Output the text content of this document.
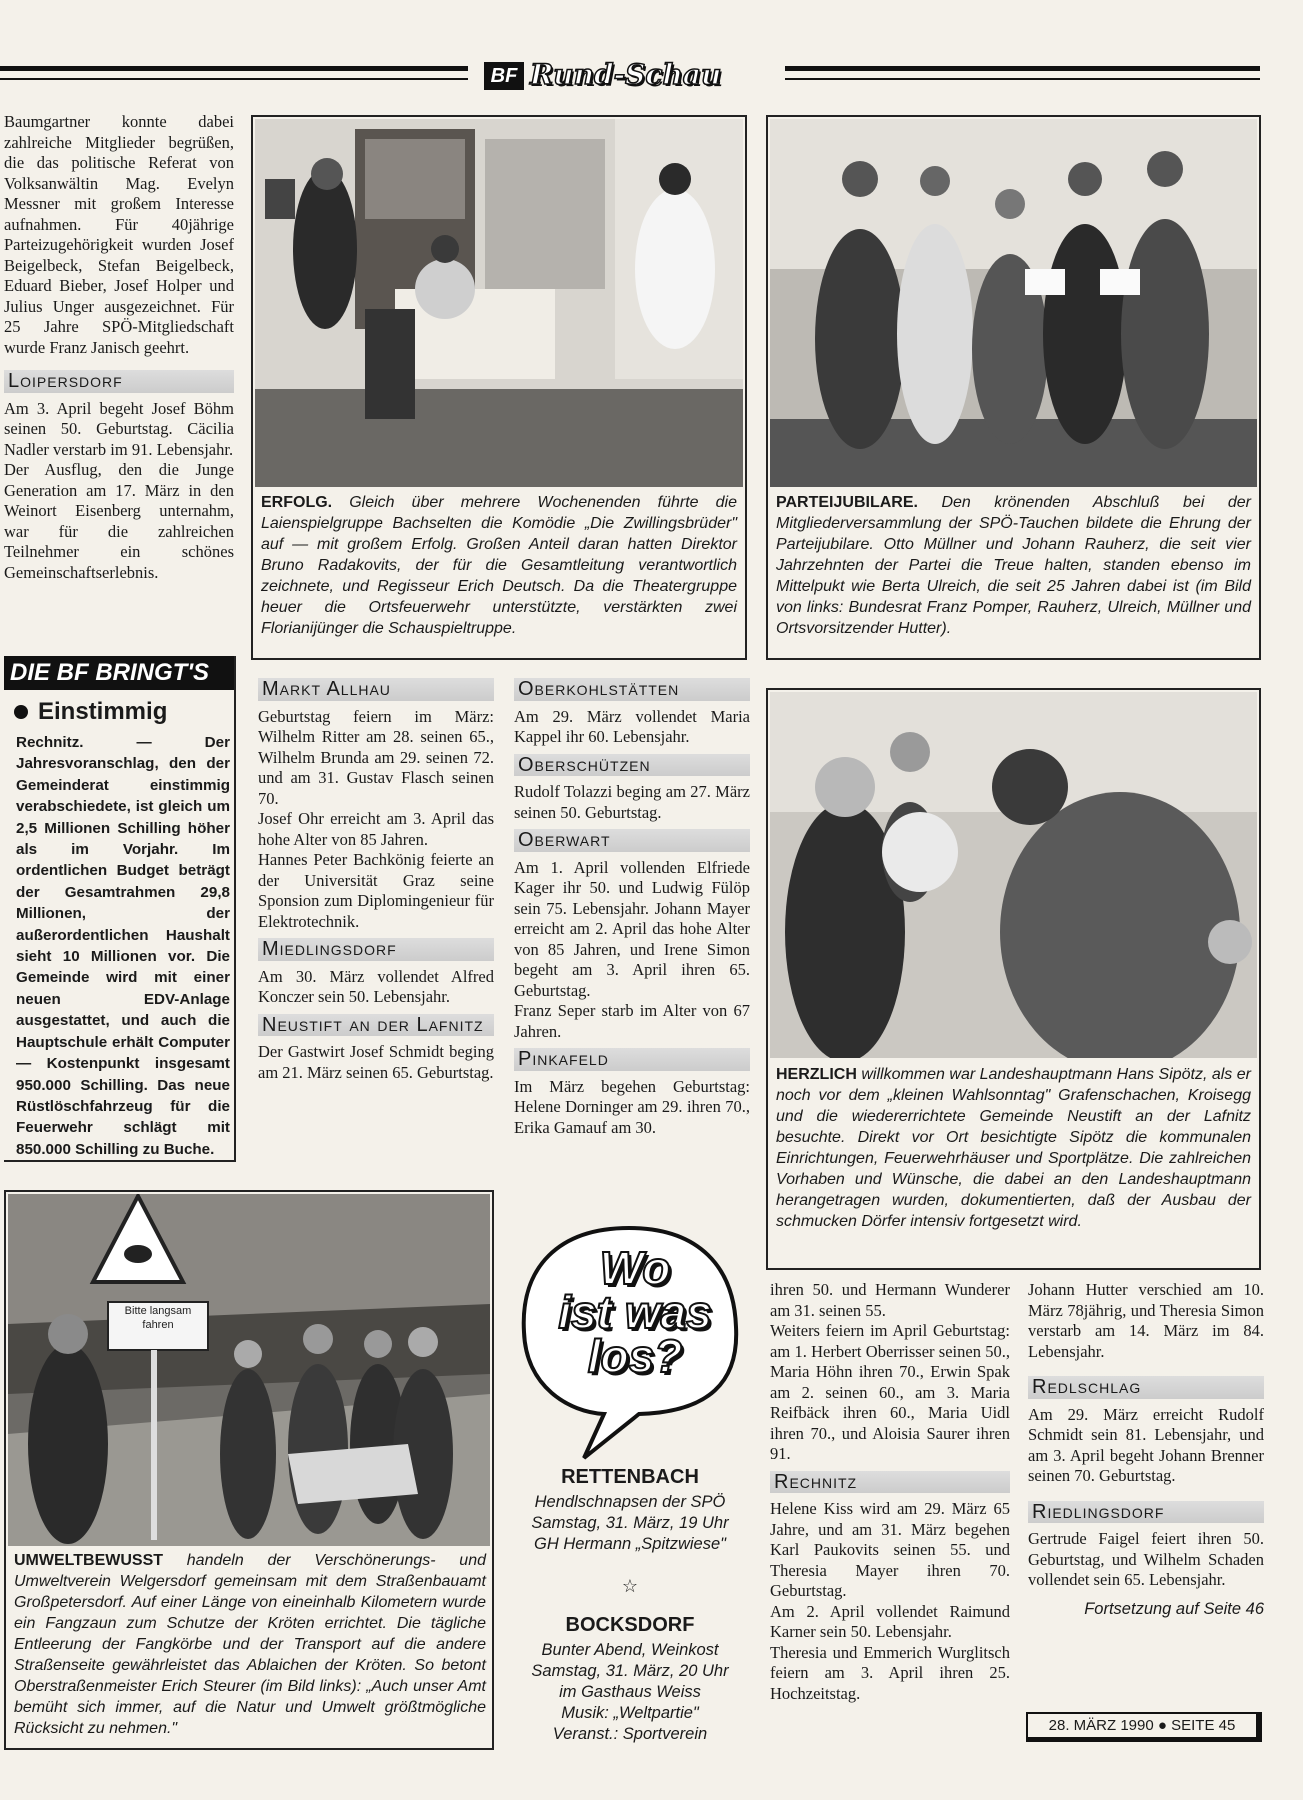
BF Rund-Schau

Baumgartner konnte dabei zahlreiche Mitglieder begrüßen, die das politische Referat von Volksanwältin Mag. Evelyn Messner mit großem Interesse aufnahmen. Für 40jährige Parteizugehörigkeit wurden Josef Beigelbeck, Stefan Beigelbeck, Eduard Bieber, Josef Holper und Julius Unger ausgezeichnet. Für 25 Jahre SPÖ-Mitgliedschaft wurde Franz Janisch geehrt.

Loipersdorf

Am 3. April begeht Josef Böhm seinen 50. Geburtstag. Cäcilia Nadler verstarb im 91. Lebensjahr.

Der Ausflug, den die Junge Generation am 17. März in den Weinort Eisenberg unternahm, war für die zahlreichen Teilnehmer ein schönes Gemeinschaftserlebnis.

DIE BF BRINGT'S
Einstimmig

Rechnitz. — Der Jahresvoranschlag, den der Gemeinderat einstimmig verabschiedete, ist gleich um 2,5 Millionen Schilling höher als im Vorjahr. Im ordentlichen Budget beträgt der Gesamtrahmen 29,8 Millionen, der außerordentlichen Haushalt sieht 10 Millionen vor. Die Gemeinde wird mit einer neuen EDV-Anlage ausgestattet, und auch die Hauptschule erhält Computer — Kostenpunkt insgesamt 950.000 Schilling. Das neue Rüstlöschfahrzeug für die Feuerwehr schlägt mit 850.000 Schilling zu Buche.

ERFOLG. Gleich über mehrere Wochenenden führte die Laienspielgruppe Bachselten die Komödie „Die Zwillingsbrüder" auf — mit großem Erfolg. Großen Anteil daran hatten Direktor Bruno Radakovits, der für die Gesamtleitung verantwortlich zeichnete, und Regisseur Erich Deutsch. Da die Theatergruppe heuer die Ortsfeuerwehr unterstützte, verstärkten zwei Florianijünger die Schauspieltruppe.

PARTEIJUBILARE. Den krönenden Abschluß bei der Mitgliederversammlung der SPÖ-Tauchen bildete die Ehrung der Parteijubilare. Otto Müllner und Johann Rauherz, die seit vier Jahrzehnten der Partei die Treue halten, standen ebenso im Mittelpukt wie Berta Ulreich, die seit 25 Jahren dabei ist (im Bild von links: Bundesrat Franz Pomper, Rauherz, Ulreich, Müllner und Ortsvorsitzender Hutter).

Markt Allhau

Geburtstag feiern im März: Wilhelm Ritter am 28. seinen 65., Wilhelm Brunda am 29. seinen 72. und am 31. Gustav Flasch seinen 70.

Josef Ohr erreicht am 3. April das hohe Alter von 85 Jahren.

Hannes Peter Bachkönig feierte an der Universität Graz seine Sponsion zum Diplomingenieur für Elektrotechnik.

Miedlingsdorf

Am 30. März vollendet Alfred Konczer sein 50. Lebensjahr.

Neustift an der Lafnitz

Der Gastwirt Josef Schmidt beging am 21. März seinen 65. Geburtstag.

Oberkohlstätten

Am 29. März vollendet Maria Kappel ihr 60. Lebensjahr.

Oberschützen

Rudolf Tolazzi beging am 27. März seinen 50. Geburtstag.

Oberwart

Am 1. April vollenden Elfriede Kager ihr 50. und Ludwig Fülöp sein 75. Lebensjahr. Johann Mayer erreicht am 2. April das hohe Alter von 85 Jahren, und Irene Simon begeht am 3. April ihren 65. Geburtstag.

Franz Seper starb im Alter von 67 Jahren.

Pinkafeld

Im März begehen Geburtstag: Helene Dorninger am 29. ihren 70., Erika Gamauf am 30.

HERZLICH willkommen war Landeshauptmann Hans Sipötz, als er noch vor dem „kleinen Wahlsonntag" Grafenschachen, Kroisegg und die wiedererrichtete Gemeinde Neustift an der Lafnitz besuchte. Direkt vor Ort besichtigte Sipötz die kommunalen Einrichtungen, Feuerwehrhäuser und Sportplätze. Die zahlreichen Vorhaben und Wünsche, die dabei an den Landeshauptmann herangetragen wurden, dokumentierten, daß der Ausbau der schmucken Dörfer intensiv fortgesetzt wird.

Bitte langsam
fahren

UMWELTBEWUSST handeln der Verschönerungs- und Umweltverein Welgersdorf gemeinsam mit dem Straßenbauamt Großpetersdorf. Auf einer Länge von eineinhalb Kilometern wurde ein Fangzaun zum Schutze der Kröten errichtet. Die tägliche Entleerung der Fangkörbe und der Transport auf die andere Straßenseite gewährleistet das Ablaichen der Kröten. So betont Oberstraßenmeister Erich Steurer (im Bild links): „Auch unser Amt bemüht sich immer, auf die Natur und Umwelt größtmögliche Rücksicht zu nehmen."

Wo
ist was
los?
RETTENBACH
Hendlschnapsen der SPÖ
Samstag, 31. März, 19 Uhr
GH Hermann „Spitzwiese"
☆
BOCKSDORF
Bunter Abend, Weinkost
Samstag, 31. März, 20 Uhr
im Gasthaus Weiss
Musik: „Weltpartie"
Veranst.: Sportverein

ihren 50. und Hermann Wunderer am 31. seinen 55.

Weiters feiern im April Geburtstag: am 1. Herbert Oberrisser seinen 50., Maria Höhn ihren 70., Erwin Spak am 2. seinen 60., am 3. Maria Reifbäck ihren 60., Maria Uidl ihren 70., und Aloisia Saurer ihren 91.

Rechnitz

Helene Kiss wird am 29. März 65 Jahre, und am 31. März begehen Karl Paukovits seinen 55. und Theresia Mayer ihren 70. Geburtstag.

Am 2. April vollendet Raimund Karner sein 50. Lebensjahr.

Theresia und Emmerich Wurglitsch feiern am 3. April ihren 25. Hochzeitstag.

Johann Hutter verschied am 10. März 78jährig, und Theresia Simon verstarb am 14. März im 84. Lebensjahr.

Redlschlag

Am 29. März erreicht Rudolf Schmidt sein 81. Lebensjahr, und am 3. April begeht Johann Brenner seinen 70. Geburtstag.

Riedlingsdorf

Gertrude Faigel feiert ihren 50. Geburtstag, und Wilhelm Schaden vollendet sein 65. Lebensjahr.

Fortsetzung auf Seite 46

28. MÄRZ 1990 ● SEITE 45
